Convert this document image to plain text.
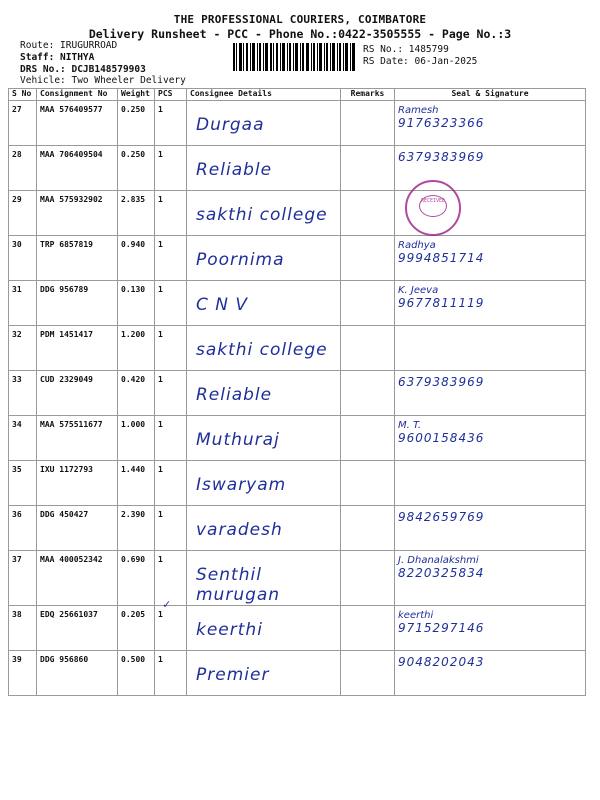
THE PROFESSIONAL COURIERS, COIMBATORE
Delivery Runsheet - PCC - Phone No.:0422-3505555 - Page No.:3
Route: IRUGURROAD
Staff: NITHYA
DRS No.: DCJB148579903
Vehicle: Two Wheeler Delivery
RS No.: 1485799
RS Date: 06-Jan-2025
S No	Consignment No	Weight	PCS	Consignee Details	Remarks	Seal & Signature
27	MAA 576409577	0.250	1	Durgaa		Ramesh
9176323366

28	MAA 706409504	0.250	1	Reliable		6379383969

29	MAA 575932902	2.835	1	sakthi college		

30	TRP 6857819	0.940	1	Poornima		Radhya
9994851714

31	DDG 956789	0.130	1	C N V		K. Jeeva
9677811119

32	PDM 1451417	1.200	1	sakthi college		

33	CUD 2329049	0.420	1	Reliable		6379383969

34	MAA 575511677	1.000	1	Muthuraj		M. T.
9600158436

35	IXU 1172793	1.440	1	Iswaryam		

36	DDG 450427	2.390	1	varadesh		9842659769

37	MAA 400052342	0.690	1	Senthil murugan		J. Dhanalakshmi
8220325834

38	EDQ 25661037	0.205	1	keerthi		keerthi
9715297146

39	DDG 956860	0.500	1	Premier		9048202043
RECEIVED
✓
